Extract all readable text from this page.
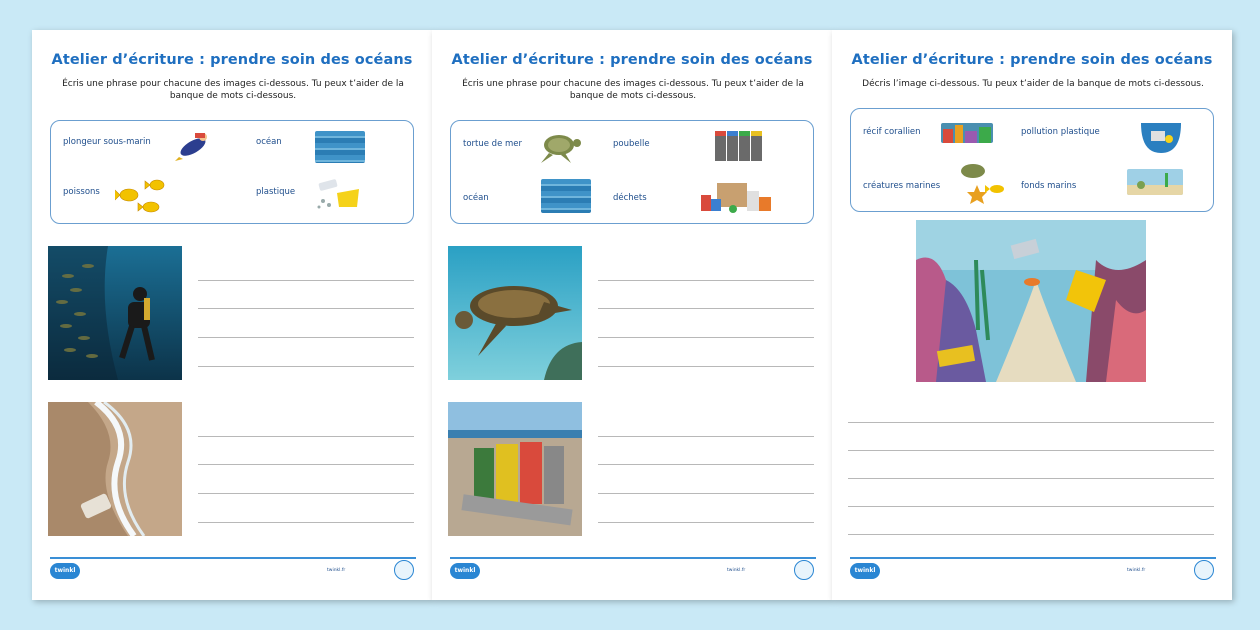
Atelier d’écriture : prendre soin des océans
Écris une phrase pour chacune des images ci-dessous. Tu peux t’aider de la banque de mots ci-dessous.
plongeur sous-marin	océan
poissons	plastique
twinkl	twinkl.fr
Atelier d’écriture : prendre soin des océans
Écris une phrase pour chacune des images ci-dessous. Tu peux t’aider de la banque de mots ci-dessous.
tortue de mer	poubelle
océan	déchets
twinkl	twinkl.fr
Atelier d’écriture : prendre soin des océans
Décris l’image ci-dessous. Tu peux t’aider de la banque de mots ci-dessous.
récif corallien	pollution plastique
créatures marines	fonds marins
twinkl	twinkl.fr
